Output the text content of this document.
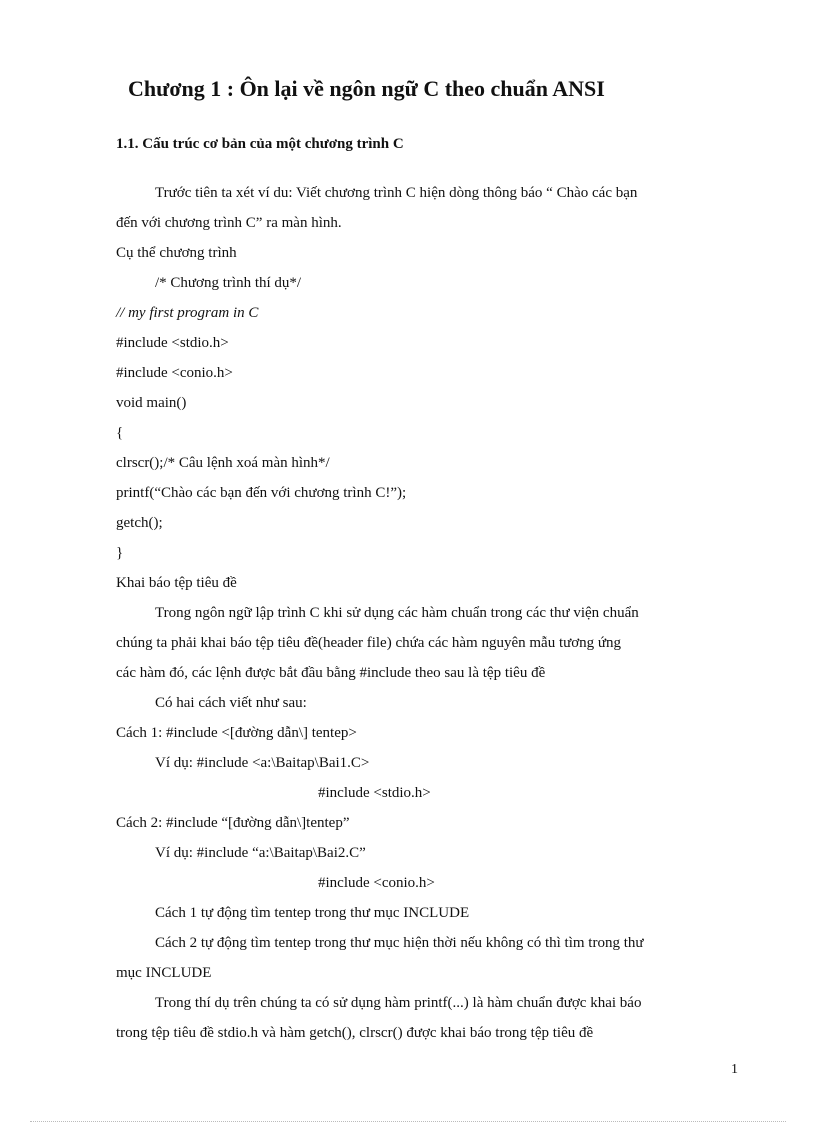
Chương 1 : Ôn lại về ngôn ngữ C theo chuẩn ANSI
1.1. Cấu trúc cơ bản của một chương trình C
Trước tiên ta xét ví du: Viết chương trình C hiện dòng thông báo “ Chào các bạn
đến với chương trình C” ra màn hình.
Cụ thể chương trình
/* Chương trình thí dụ*/
// my first program in C
#include <stdio.h>
#include <conio.h>
void main()
{
clrscr();/* Câu lệnh xoá màn hình*/
printf(“Chào các bạn đến với chương trình C!”);
getch();
}
Khai báo tệp tiêu đề
Trong ngôn ngữ lập trình C khi sử dụng các hàm chuẩn trong các thư viện chuẩn
chúng ta phải khai báo tệp tiêu đề(header file) chứa các hàm nguyên mẫu tương ứng
các hàm đó, các lệnh được bắt đầu bằng #include theo sau là tệp tiêu đề
Có hai cách viết như sau:
Cách 1: #include <[đường dẫn\] tentep>
Ví dụ: #include <a:\Baitap\Bai1.C>
#include <stdio.h>
Cách 2: #include “[đường dẫn\]tentep”
Ví dụ: #include “a:\Baitap\Bai2.C”
#include <conio.h>
Cách 1 tự động tìm tentep trong thư mục INCLUDE
Cách 2 tự động tìm tentep trong thư mục hiện thời nếu không có thì tìm trong thư
mục INCLUDE
Trong thí dụ trên chúng ta có sử dụng hàm printf(...) là hàm chuẩn được khai báo
trong tệp tiêu đề stdio.h và hàm getch(), clrscr() được khai báo trong tệp tiêu đề
1
